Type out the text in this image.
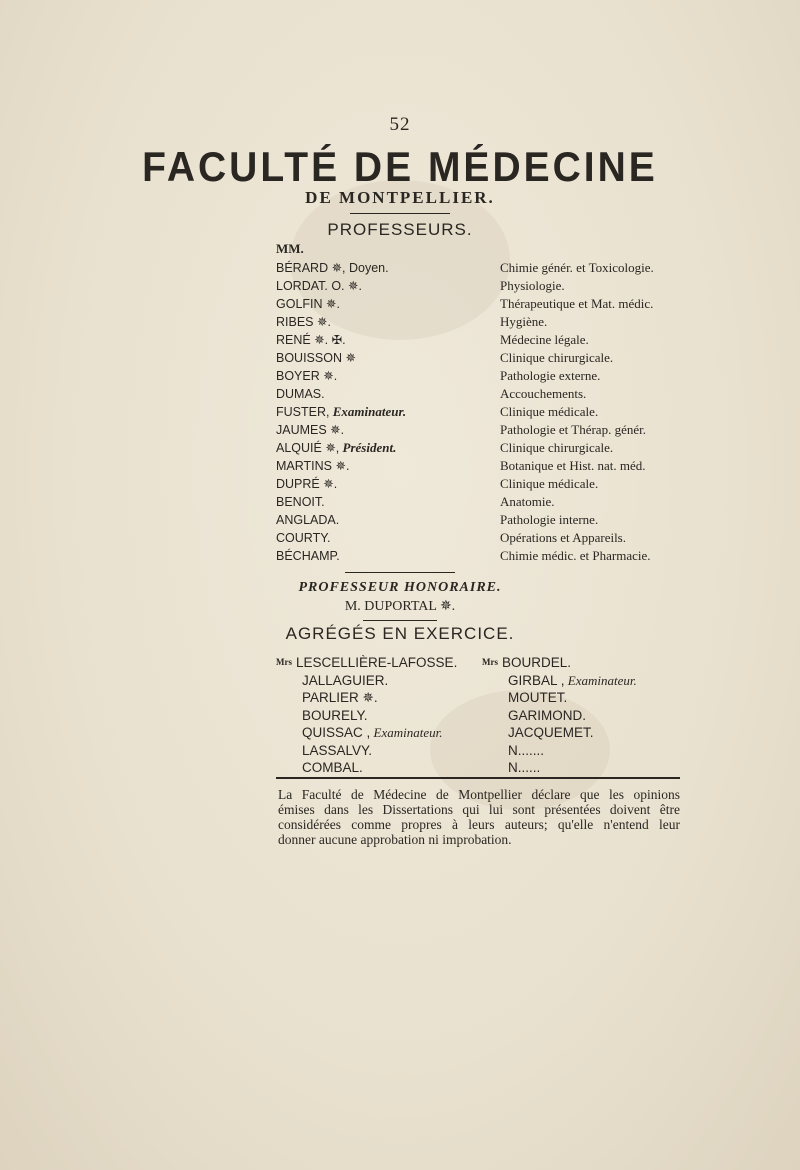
52
FACULTÉ DE MÉDECINE
DE MONTPELLIER.
PROFESSEURS.
MM.
BÉRARD ✵, Doyen.	Chimie génér. et Toxicologie.
LORDAT. O. ✵.	Physiologie.
GOLFIN ✵.	Thérapeutique et Mat. médic.
RIBES ✵.	Hygiène.
RENÉ ✵. ✠.	Médecine légale.
BOUISSON ✵	Clinique chirurgicale.
BOYER ✵.	Pathologie externe.
DUMAS.	Accouchements.
FUSTER, Examinateur.	Clinique médicale.
JAUMES ✵.	Pathologie et Thérap. génér.
ALQUIÉ ✵, Président.	Clinique chirurgicale.
MARTINS ✵.	Botanique et Hist. nat. méd.
DUPRÉ ✵.	Clinique médicale.
BENOIT.	Anatomie.
ANGLADA.	Pathologie interne.
COURTY.	Opérations et Appareils.
BÉCHAMP.	Chimie médic. et Pharmacie.
PROFESSEUR HONORAIRE.
M. DUPORTAL ✵.
AGRÉGÉS EN EXERCICE.
$^{Mrs}$ LESCELLIÈRE-LAFOSSE.
JALLAGUIER.
PARLIER ✵.
BOURELY.
QUISSAC , Examinateur.
LASSALVY.
COMBAL.
$^{Mrs}$ BOURDEL.
GIRBAL , Examinateur.
MOUTET.
GARIMOND.
JACQUEMET.
N.......
N......
La Faculté de Médecine de Montpellier déclare que les opinions
émises dans les Dissertations qui lui sont présentées doivent être
considérées comme propres à leurs auteurs; qu'elle n'entend leur
donner aucune approbation ni improbation.
